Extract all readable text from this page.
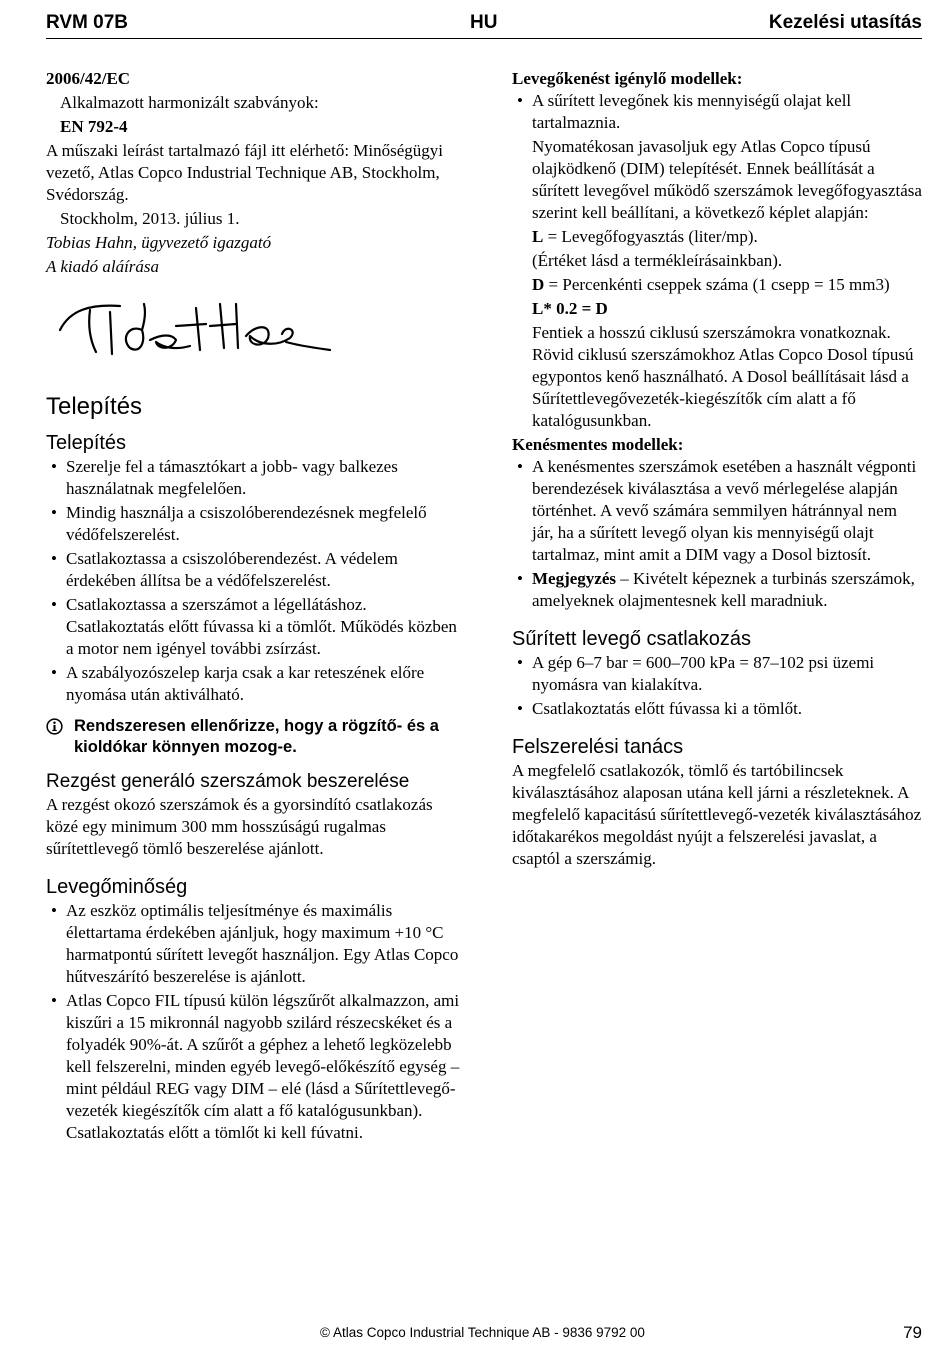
RVM 07B	HU	Kezelési utasítás

2006/42/EC

Alkalmazott harmonizált szabványok:

EN 792-4

A műszaki leírást tartalmazó fájl itt elérhető: Minőségügyi vezető, Atlas Copco Industrial Technique AB, Stockholm, Svédország.

Stockholm, 2013. július 1.

Tobias Hahn, ügyvezető igazgató

A kiadó aláírása

Telepítés
Telepítés
• Szerelje fel a támasztókart a jobb- vagy balkezes használatnak megfelelően.
• Mindig használja a csiszolóberendezésnek megfelelő védőfelszerelést.
• Csatlakoztassa a csiszolóberendezést. A védelem érdekében állítsa be a védőfelszerelést.
• Csatlakoztassa a szerszámot a légellátáshoz. Csatlakoztatás előtt fúvassa ki a tömlőt. Működés közben a motor nem igényel további zsírzást.
• A szabályozószelep karja csak a kar reteszének előre nyomása után aktiválható.
Rendszeresen ellenőrizze, hogy a rögzítő- és a kioldókar könnyen mozog-e.
Rezgést generáló szerszámok beszerelése

A rezgést okozó szerszámok és a gyorsindító csatlakozás közé egy minimum 300 mm hosszúságú rugalmas sűrítettlevegő tömlő beszerelése ajánlott.

Levegőminőség
• Az eszköz optimális teljesítménye és maximális élettartama érdekében ajánljuk, hogy maximum +10 °C harmatpontú sűrített levegőt használjon. Egy Atlas Copco hűtveszárító beszerelése is ajánlott.
• Atlas Copco FIL típusú külön légszűrőt alkalmazzon, ami kiszűri a 15 mikronnál nagyobb szilárd részecskéket és a folyadék 90%-át. A szűrőt a géphez a lehető legközelebb kell felszerelni, minden egyéb levegő-előkészítő egység – mint például REG vagy DIM – elé (lásd a Sűrítettlevegő-vezeték kiegészítők cím alatt a fő katalógusunkban). Csatlakoztatás előtt a tömlőt ki kell fúvatni.

Levegőkenést igénylő modellek:

• A sűrített levegőnek kis mennyiségű olajat kell tartalmaznia.

Nyomatékosan javasoljuk egy Atlas Copco típusú olajködkenő (DIM) telepítését. Ennek beállítását a sűrített levegővel működő szerszámok levegőfogyasztása szerint kell beállítani, a következő képlet alapján:

L = Levegőfogyasztás (liter/mp).

(Értéket lásd a termékleírásainkban).

D = Percenkénti cseppek száma (1 csepp = 15 mm3)

L* 0.2 = D

Fentiek a hosszú ciklusú szerszámokra vonatkoznak. Rövid ciklusú szerszámokhoz Atlas Copco Dosol típusú egypontos kenő használható. A Dosol beállításait lásd a Sűrítettlevegővezeték-kiegészítők cím alatt a fő katalógusunkban.

Kenésmentes modellek:

• A kenésmentes szerszámok esetében a használt végponti berendezések kiválasztása a vevő mérlegelése alapján történhet. A vevő számára semmilyen hátránnyal nem jár, ha a sűrített levegő olyan kis mennyiségű olajt tartalmaz, mint amit a DIM vagy a Dosol biztosít.
• Megjegyzés – Kivételt képeznek a turbinás szerszámok, amelyeknek olajmentesnek kell maradniuk.
Sűrített levegő csatlakozás
• A gép 6–7 bar = 600–700 kPa = 87–102 psi üzemi nyomásra van kialakítva.
• Csatlakoztatás előtt fúvassa ki a tömlőt.
Felszerelési tanács

A megfelelő csatlakozók, tömlő és tartóbilincsek kiválasztásához alaposan utána kell járni a részleteknek. A megfelelő kapacitású sűrítettlevegő-vezeték kiválasztásához időtakarékos megoldást nyújt a felszerelési javaslat, a csaptól a szerszámig.

© Atlas Copco Industrial Technique AB - 9836 9792 00	79
